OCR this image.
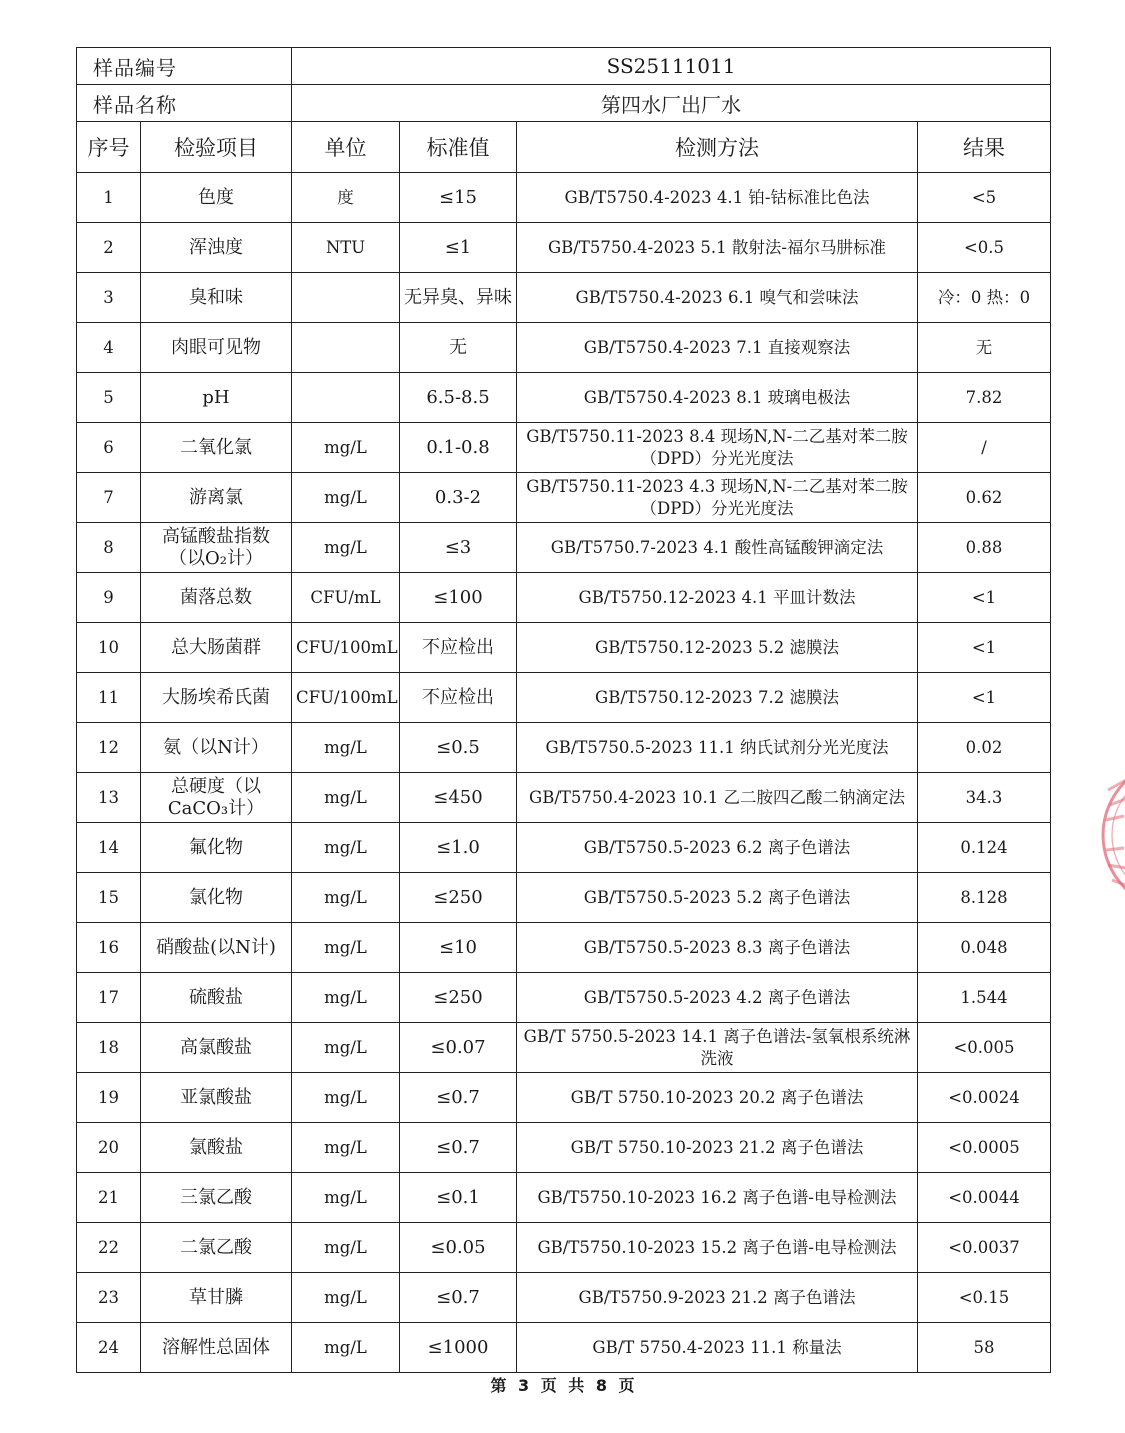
样品编号		SS25111011			
样品名称		第四水厂出厂水			
序号	检验项目	单位	标准值	检测方法	结果
1	色度	度	≤15	GB/T5750.4-2023 4.1 铂-钴标准比色法	<5
2	浑浊度	NTU	≤1	GB/T5750.4-2023 5.1 散射法-福尔马肼标准	<0.5
3	臭和味		无异臭、异味	GB/T5750.4-2023 6.1 嗅气和尝味法	冷：0 热：0
4	肉眼可见物		无	GB/T5750.4-2023 7.1 直接观察法	无
5	pH		6.5-8.5	GB/T5750.4-2023 8.1 玻璃电极法	7.82
6	二氧化氯	mg/L	0.1-0.8	GB/T5750.11-2023 8.4 现场N,N-二乙基对苯二胺（DPD）分光光度法	/
7	游离氯	mg/L	0.3-2	GB/T5750.11-2023 4.3 现场N,N-二乙基对苯二胺（DPD）分光光度法	0.62
8	高锰酸盐指数（以O₂计）	mg/L	≤3	GB/T5750.7-2023 4.1 酸性高锰酸钾滴定法	0.88
9	菌落总数	CFU/mL	≤100	GB/T5750.12-2023 4.1 平皿计数法	<1
10	总大肠菌群	CFU/100mL	不应检出	GB/T5750.12-2023 5.2 滤膜法	<1
11	大肠埃希氏菌	CFU/100mL	不应检出	GB/T5750.12-2023 7.2 滤膜法	<1
12	氨（以N计）	mg/L	≤0.5	GB/T5750.5-2023 11.1 纳氏试剂分光光度法	0.02
13	总硬度（以CaCO₃计）	mg/L	≤450	GB/T5750.4-2023 10.1 乙二胺四乙酸二钠滴定法	34.3
14	氟化物	mg/L	≤1.0	GB/T5750.5-2023 6.2 离子色谱法	0.124
15	氯化物	mg/L	≤250	GB/T5750.5-2023 5.2 离子色谱法	8.128
16	硝酸盐(以N计)	mg/L	≤10	GB/T5750.5-2023 8.3 离子色谱法	0.048
17	硫酸盐	mg/L	≤250	GB/T5750.5-2023 4.2 离子色谱法	1.544
18	高氯酸盐	mg/L	≤0.07	GB/T 5750.5-2023 14.1 离子色谱法-氢氧根系统淋洗液	<0.005
19	亚氯酸盐	mg/L	≤0.7	GB/T 5750.10-2023 20.2 离子色谱法	<0.0024
20	氯酸盐	mg/L	≤0.7	GB/T 5750.10-2023 21.2 离子色谱法	<0.0005
21	三氯乙酸	mg/L	≤0.1	GB/T5750.10-2023 16.2 离子色谱-电导检测法	<0.0044
22	二氯乙酸	mg/L	≤0.05	GB/T5750.10-2023 15.2 离子色谱-电导检测法	<0.0037
23	草甘膦	mg/L	≤0.7	GB/T5750.9-2023 21.2 离子色谱法	<0.15
24	溶解性总固体	mg/L	≤1000	GB/T 5750.4-2023 11.1 称量法	58
第 3 页 共 8 页
